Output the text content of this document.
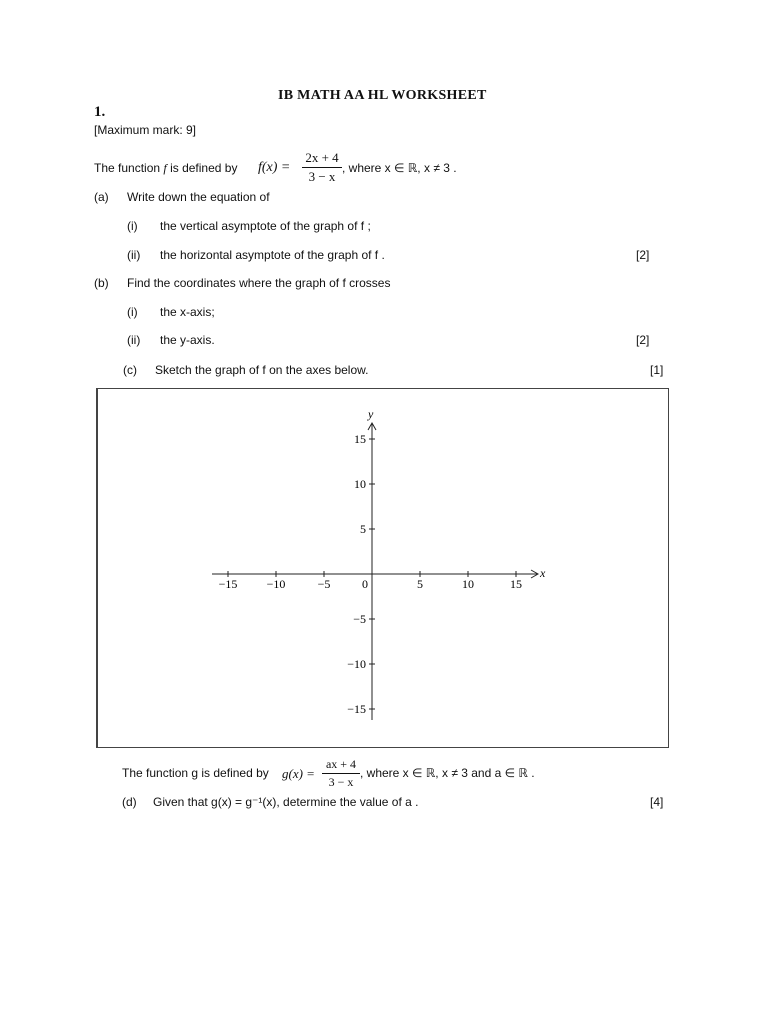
IB MATH AA HL WORKSHEET
1.
[Maximum mark: 9]
The function f is defined by f(x) =
2x + 4
3 − x
, where x ∈ ℝ, x ≠ 3 .
(a) Write down the equation of
(i) the vertical asymptote of the graph of f ;
(ii) the horizontal asymptote of the graph of f .	[2]
(b) Find the coordinates where the graph of f crosses
(i) the x-axis;
(ii) the y-axis.	[2]
(c) Sketch the graph of f on the axes below.	[1]
x
y
−15 −10	−5	0	5	10	15
15
10
5
−5
−10
−15
The function g is defined by g(x) =
ax + 4
3 − x
, where x ∈ ℝ, x ≠ 3 and a ∈ ℝ .
(d) Given that g(x) = g⁻¹(x), determine the value of a .	[4]
